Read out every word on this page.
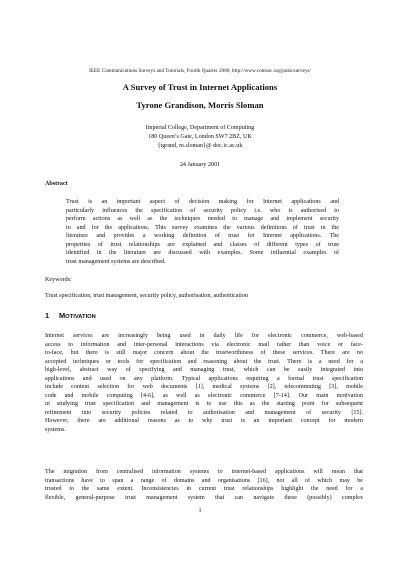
IEEE Communications Surveys and Tutorials, Fourth Quarter 2000, http://www.comsoc.org/pubs/surveys/
A Survey of Trust in Internet Applications
Tyrone Grandison, Morris Sloman
Imperial College, Department of Computing
180 Queen’s Gate, London SW7 2BZ, UK
{tgrand, m.sloman}@ doc.ic.ac.uk
24 January 2001
Abstract
Trust is an important aspect of decision making for Internet applications and
particularly influences the specification of security policy i.e. who is authorised to
perform actions as well as the techniques needed to manage and implement security
to and for the applications. This survey examines the various definitions of trust in the
literature and provides a working definition of trust for Internet applications. The
properties of trust relationships are explained and classes of different types of trust
identified in the literature are discussed with examples. Some influential examples of
trust management systems are described.
Keywords:
Trust specification, trust management, security policy, authorisation, authentication
1 MOTIVATION
Internet services are increasingly being used in daily life for electronic commerce, web-based
access to information and inter-personal interactions via electronic mail rather than voice or face-
to-face, but there is still major concern about the trustworthiness of these services. There are no
accepted techniques or tools for specification and reasoning about the trust. There is a need for a
high-level, abstract way of specifying and managing trust, which can be easily integrated into
applications and used on any platform. Typical applications requiring a formal trust specification
include content selection for web documents [1], medical systems [2], telecommuting [3], mobile
code and mobile computing [4-6], as well as electronic commerce [7-14]. Our main motivation
in studying trust specification and management is to use this as the starting point for subsequent
refinement into security policies related to authorisation and management of security [15].
However, there are additional reasons as to why trust is an important concept for modern
systems.
The migration from centralised information systems to internet-based applications will mean that
transactions have to span a range of domains and organisations [16], not all of which may be
trusted to the same extent. Inconsistencies in current trust relationships highlight the need for a
flexible, general-purpose trust management system that can navigate these (possibly) complex
1
